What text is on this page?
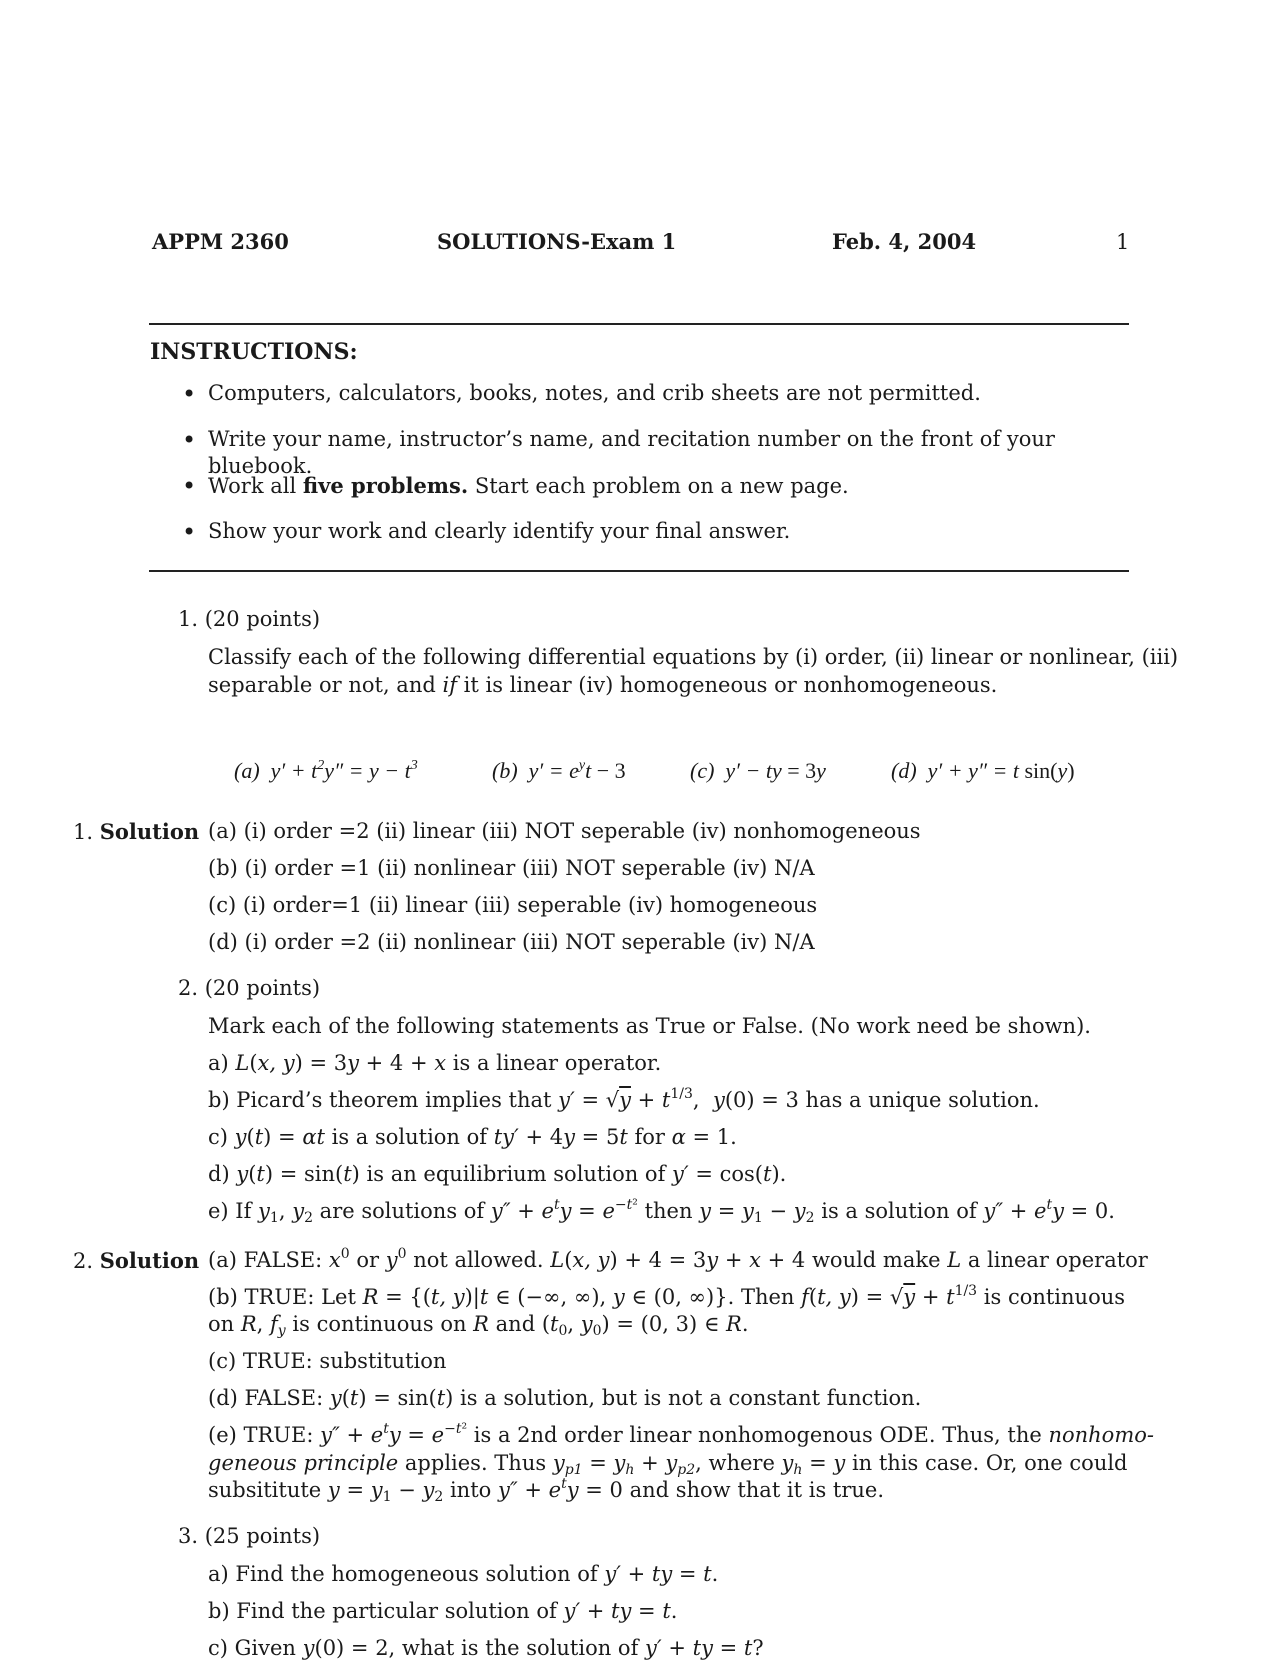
APPM 2360	SOLUTIONS-Exam 1	Feb. 4, 2004	1
INSTRUCTIONS:
• Computers, calculators, books, notes, and crib sheets are not permitted.
• Write your name, instructor’s name, and recitation number on the front of your bluebook.
• Work all five problems. Start each problem on a new page.
• Show your work and clearly identify your final answer.
1. (20 points)
Classify each of the following differential equations by (i) order, (ii) linear or nonlinear, (iii)
separable or not, and if it is linear (iv) homogeneous or nonhomogeneous.
(a) $y' + t^2y'' = y - t^3$	(b) $y' = e^yt - 3$	(c) y′ − ty = 3y	(d) y′ + y″ = t sin(y)
1. Solution (a) (i) order =2 (ii) linear (iii) NOT seperable (iv) nonhomogeneous
(b) (i) order =1 (ii) nonlinear (iii) NOT seperable (iv) N/A
(c) (i) order=1 (ii) linear (iii) seperable (iv) homogeneous
(d) (i) order =2 (ii) nonlinear (iii) NOT seperable (iv) N/A
2. (20 points)
Mark each of the following statements as True or False. (No work need be shown).
a) L(x, y) = 3y + 4 + x is a linear operator.
b) Picard’s theorem implies that $y' = √y + t^{1/3}$,  y(0) = 3 has a unique solution.
c) y(t) = αt is a solution of ty′ + 4y = 5t for α = 1.
d) y(t) = sin(t) is an equilibrium solution of y′ = cos(t).
e) If $y_1$, $y_2$ are solutions of $y'' + e^ty = e^{-t^2}$ then $y = y_1 - y_2$ is a solution of $y'' + e^ty = 0$.
2. Solution (a) FALSE: $x^0$ or $y^0$ not allowed. L(x, y) + 4 = 3y + x + 4 would make L a linear operator
(b) TRUE: Let R = {(t, y)|t ∈ (−∞, ∞), y ∈ (0, ∞)}. Then f(t, $y) = √y + t^{1/3}$ is continuous
on R, $f_y$ is continuous on R and ($t_0$, $y_0) = (0$, 3) ∈ R.
(c) TRUE: substitution
(d) FALSE: y(t) = sin(t) is a solution, but is not a constant function.
(e) TRUE: $y'' + e^ty = e^{-t^2}$ is a 2nd order linear nonhomogenous ODE. Thus, the nonhomo-
geneous principle applies. Thus $y_{p1} = y_h + y_{p2}$, where $y_h = y$ in this case. Or, one could
subsititute $y = y_1 - y_2$ into $y'' + e^ty = 0$ and show that it is true.
3. (25 points)
a) Find the homogeneous solution of y′ + ty = t.
b) Find the particular solution of y′ + ty = t.
c) Given y(0) = 2, what is the solution of y′ + ty = t?
